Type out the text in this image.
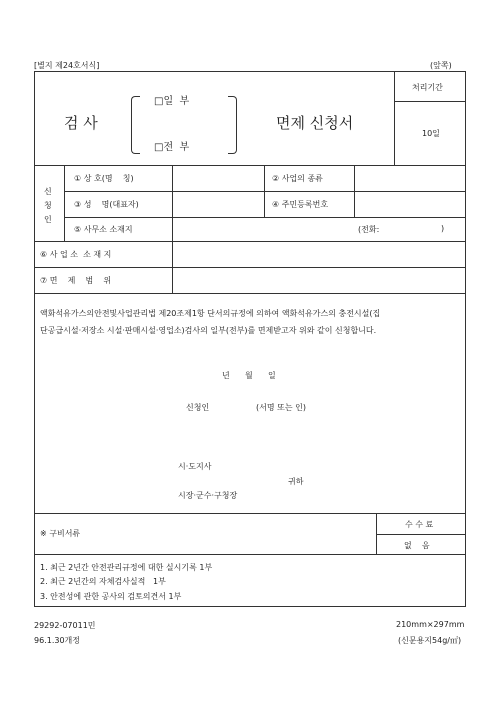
[별지 제24호서식]	(앞쪽)
검 사
□일  부
□전  부
면제 신청서
처리기간
10일
신
청
인
① 상 호(명    칭)	② 사업의 종류
③ 성    명(대표자)	④ 주민등록번호
⑤ 사무소 소재지	(전화:	)
⑥ 사 업 소  소 재 지
⑦ 면    제    범    위
액화석유가스의안전및사업관리법 제20조제1항 단서의규정에 의하여 액화석유가스의 충전시설(집
단공급시설·저장소 시설·판매시설·영업소)검사의 일부(전부)를 면제받고자 위와 같이 신청합니다.
년      월      일
신청인	(서명 또는 인)
시·도지사
귀하
시장·군수·구청장
※ 구비서류
수 수 료
없    음
1. 최근 2년간 안전관리규정에 대한 실시기록 1부
2. 최근 2년간의 자체검사실적   1부
3. 안전성에 관한 공사의 검토의견서 1부
29292-07011민
96.1.30개정
210mm×297mm
(신문용지54g/㎡)
